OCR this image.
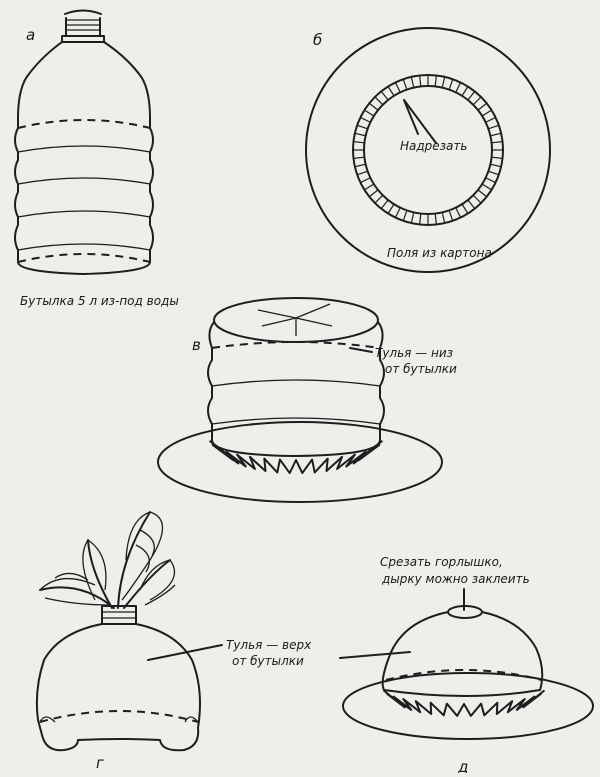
а
Бутылка 5 л из-под воды
б
Надрезать
Поля из картона
в	Тулья — низ
от бутылки
г
Тулья — верх
от бутылки
Срезать горлышко,
дырку можно заклеить
д
